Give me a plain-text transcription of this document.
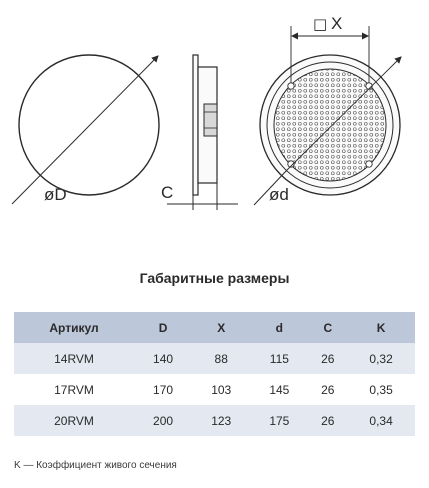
øD	C
□ X
ød
Габаритные размеры
Артикул	D	X	d	C	K
14RVM	140	88	115	26	0,32
17RVM	170	103	145	26	0,35
20RVM	200	123	175	26	0,34
K — Коэффициент живого сечения
